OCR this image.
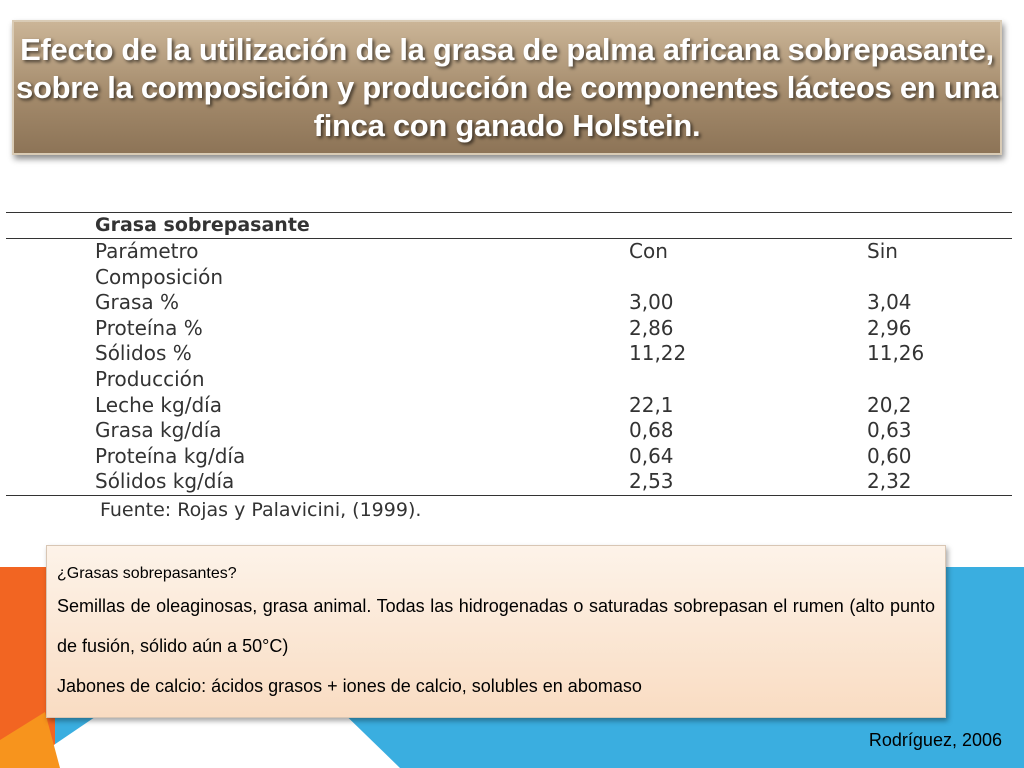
Efecto de la utilización de la grasa de palma africana sobrepasante, sobre la composición y producción de componentes lácteos en una finca con ganado Holstein.
Grasa sobrepasante
Parámetro	Con	Sin
Composición
Grasa %	3,00	3,04
Proteína %	2,86	2,96
Sólidos %	11,22	11,26
Producción
Leche kg/día	22,1	20,2
Grasa kg/día	0,68	0,63
Proteína kg/día	0,64	0,60
Sólidos kg/día	2,53	2,32
Fuente: Rojas y Palavicini, (1999).

¿Grasas sobrepasantes?

Semillas de oleaginosas, grasa animal. Todas las hidrogenadas o saturadas sobrepasan el rumen (alto punto de fusión, sólido aún a 50°C)

Jabones de calcio: ácidos grasos + iones de calcio, solubles en abomaso

Rodríguez, 2006
